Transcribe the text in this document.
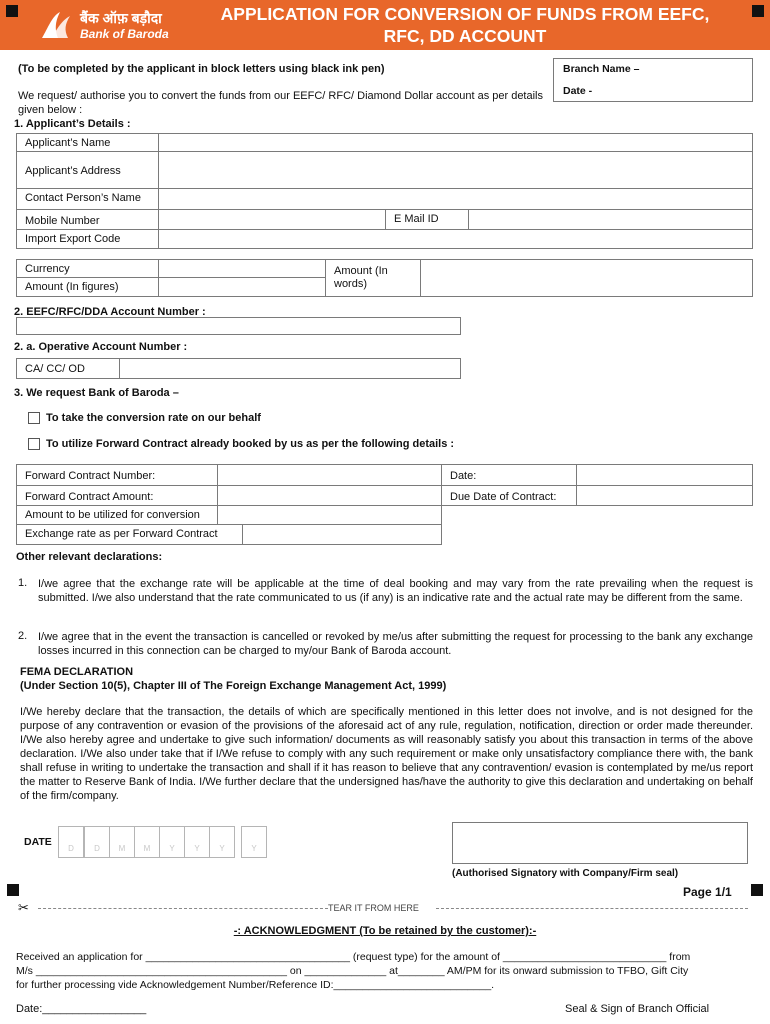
बैंक ऑफ़ बड़ौदा
Bank of Baroda
APPLICATION FOR CONVERSION OF FUNDS FROM EEFC,
RFC, DD ACCOUNT
(To be completed by the applicant in block letters using black ink pen)	Branch Name –
Date -
We request/ authorise you to convert the funds from our EEFC/ RFC/ Diamond Dollar account as per details given below :
1. Applicant’s Details :
Applicant’s Name
Applicant’s Address
Contact Person’s Name
Mobile Number	E Mail ID
Import Export Code
Currency
Amount (In figures)
Amount (In words)
2. EEFC/RFC/DDA Account Number :
2. a. Operative Account Number :
CA/ CC/ OD
3. We request Bank of Baroda –
To take the conversion rate on our behalf
To utilize Forward Contract already booked by us as per the following details :
Forward Contract Number:	Date:
Forward Contract Amount:	Due Date of Contract:
Amount to be utilized for conversion
Exchange rate as per Forward Contract
Other relevant declarations:
1. I/we agree that the exchange rate will be applicable at the time of deal booking and may vary from the rate prevailing when the request is submitted. I/we also understand that the rate communicated to us (if any) is an indicative rate and the actual rate may be different from the same.
2. I/we agree that in the event the transaction is cancelled or revoked by me/us after submitting the request for processing to the bank any exchange losses incurred in this connection can be charged to my/our Bank of Baroda account.
FEMA DECLARATION
(Under Section 10(5), Chapter III of The Foreign Exchange Management Act, 1999)
I/We hereby declare that the transaction, the details of which are specifically mentioned in this letter does not involve, and is not designed for the purpose of any contravention or evasion of the provisions of the aforesaid act of any rule, regulation, notification, direction or order made thereunder. I/We also hereby agree and undertake to give such information/ documents as will reasonably satisfy you about this transaction in terms of the above declaration. I/We also under take that if I/We refuse to comply with any such requirement or make only unsatisfactory compliance there with, the bank shall refuse in writing to undertake the transaction and shall if it has reason to believe that any contravention/ evasion is contemplated by me/us report the matter to Reserve Bank of India. I/We further declare that the undersigned has/have the authority to give this declaration and undertaking on behalf of the firm/company.
DATE
D	D	M	M	Y	Y	Y	Y
(Authorised Signatory with Company/Firm seal)
Page 1/1
✂	TEAR IT FROM HERE
-: ACKNOWLEDGMENT (To be retained by the customer):-
Received an application for ___________________________________ (request type) for the amount of ____________________________ from
M/s ___________________________________________ on ______________ at________ AM/PM for its onward submission to TFBO, Gift City
for further processing vide Acknowledgement Number/Reference ID:___________________________.
Date:_________________	Seal & Sign of Branch Official
